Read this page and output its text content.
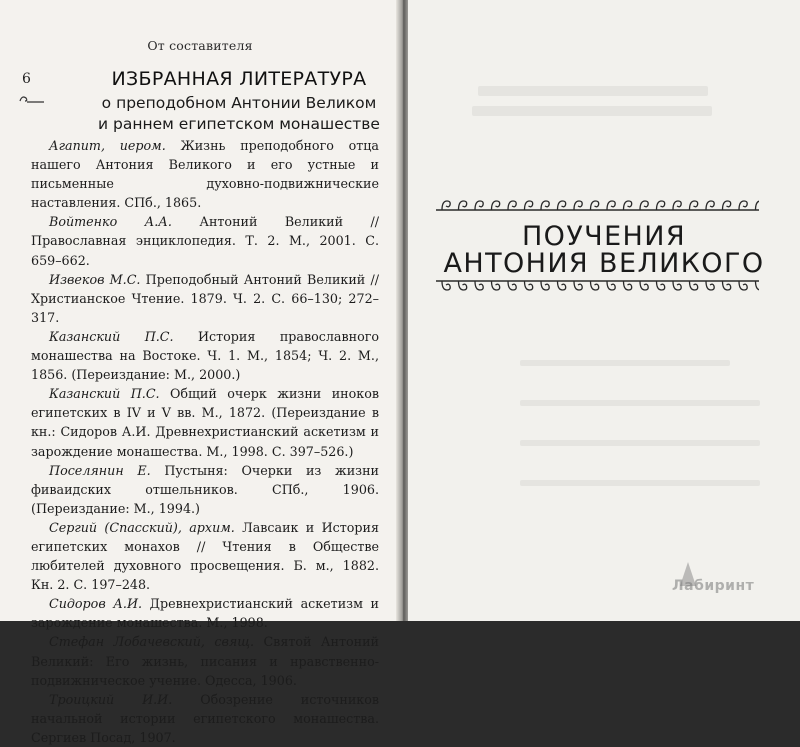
От составителя
6	ИЗБРАННАЯ ЛИТЕРАТУРА
о преподобном Антонии Великом
и раннем египетском монашестве

Агапит, иером. Жизнь преподобного отца нашего Антония Великого и его устные и письменные духовно-подвижнические наставления. СПб., 1865.

Войтенко А.А. Антоний Великий // Православная энциклопедия. Т. 2. М., 2001. С. 659–662.

Извеков М.С. Преподобный Антоний Великий // Христианское Чтение. 1879. Ч. 2. С. 66–130; 272–317.

Казанский П.С. История православного монашества на Востоке. Ч. 1. М., 1854; Ч. 2. М., 1856. (Переиздание: М., 2000.)

Казанский П.С. Общий очерк жизни иноков египетских в IV и V вв. М., 1872. (Переиздание в кн.: Сидоров А.И. Древнехристианский аскетизм и зарождение монашества. М., 1998. С. 397–526.)

Поселянин Е. Пустыня: Очерки из жизни фиваидских отшельников. СПб., 1906. (Переиздание: М., 1994.)

Сергий (Спасский), архим. Лавсаик и История египетских монахов // Чтения в Обществе любителей духовного просвещения. Б. м., 1882. Кн. 2. С. 197–248.

Сидоров А.И. Древнехристианский аскетизм и зарождение монашества. М., 1998.

Стефан Лобачевский, свящ. Святой Антоний Великий: Его жизнь, писания и нравственно-подвижническое учение. Одесса, 1906.

Троицкий И.И. Обозрение источников начальной истории египетского монашества. Сергиев Посад, 1907.

ПОУЧЕНИЯ
АНТОНИЯ ВЕЛИКОГО
Лабиринт
